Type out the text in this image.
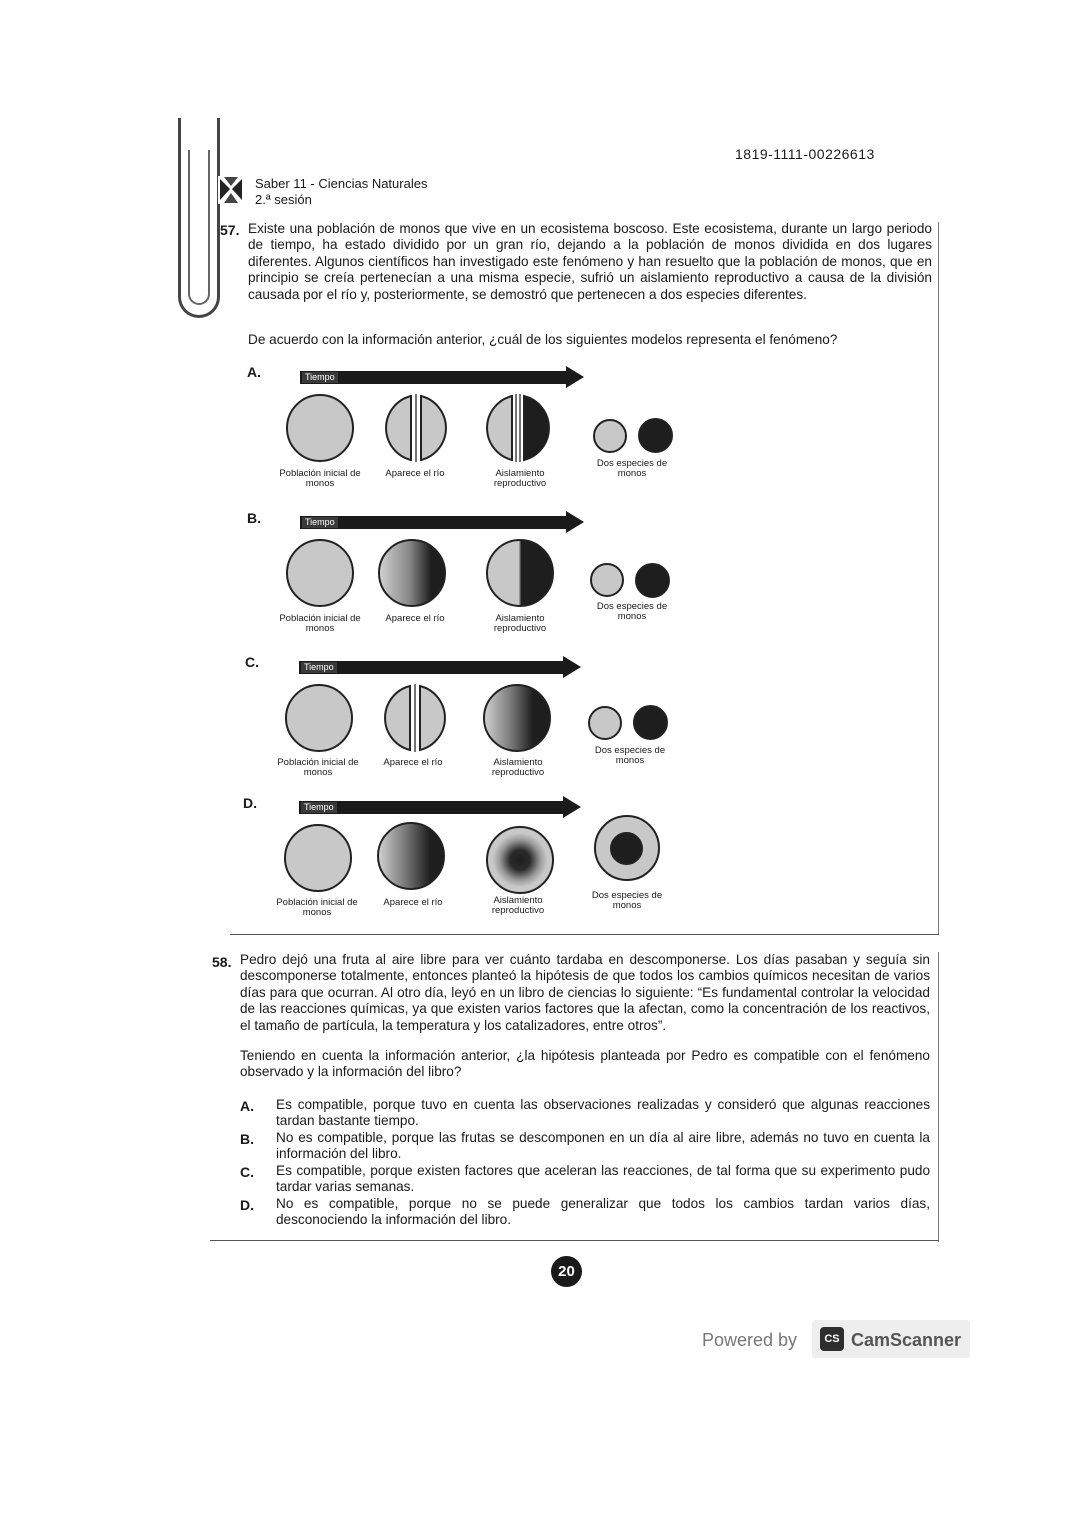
1819-1111-00226613
Saber 11 - Ciencias Naturales
2.ª sesión
57. Existe una población de monos que vive en un ecosistema boscoso. Este ecosistema, durante un largo periodo de tiempo, ha estado dividido por un gran río, dejando a la población de monos dividida en dos lugares diferentes. Algunos científicos han investigado este fenómeno y han resuelto que la población de monos, que en principio se creía pertenecían a una misma especie, sufrió un aislamiento reproductivo a causa de la división causada por el río y, posteriormente, se demostró que pertenecen a dos especies diferentes.
De acuerdo con la información anterior, ¿cuál de los siguientes modelos representa el fenómeno?
A.	Tiempo
Población inicial de monos
Aparece el río	Aislamiento reproductivo
Dos especies de monos
B.	Tiempo
Población inicial de monos
Aparece el río	Aislamiento reproductivo
Dos especies de monos
C.	Tiempo
Población inicial de monos
Aparece el río	Aislamiento reproductivo
Dos especies de monos
D.	Tiempo
Población inicial de monos
Aparece el río	Aislamiento reproductivo
Dos especies de monos
58. Pedro dejó una fruta al aire libre para ver cuánto tardaba en descomponerse. Los días pasaban y seguía sin descomponerse totalmente, entonces planteó la hipótesis de que todos los cambios químicos necesitan de varios días para que ocurran. Al otro día, leyó en un libro de ciencias lo siguiente: “Es fundamental controlar la velocidad de las reacciones químicas, ya que existen varios factores que la afectan, como la concentración de los reactivos, el tamaño de partícula, la temperatura y los catalizadores, entre otros”.
Teniendo en cuenta la información anterior, ¿la hipótesis planteada por Pedro es compatible con el fenómeno observado y la información del libro?
A. Es compatible, porque tuvo en cuenta las observaciones realizadas y consideró que algunas reacciones tardan bastante tiempo.
B. No es compatible, porque las frutas se descomponen en un día al aire libre, además no tuvo en cuenta la información del libro.
C. Es compatible, porque existen factores que aceleran las reacciones, de tal forma que su experimento pudo tardar varias semanas.
D. No es compatible, porque no se puede generalizar que todos los cambios tardan varios días, desconociendo la información del libro.
20
Powered by	CS CamScanner
